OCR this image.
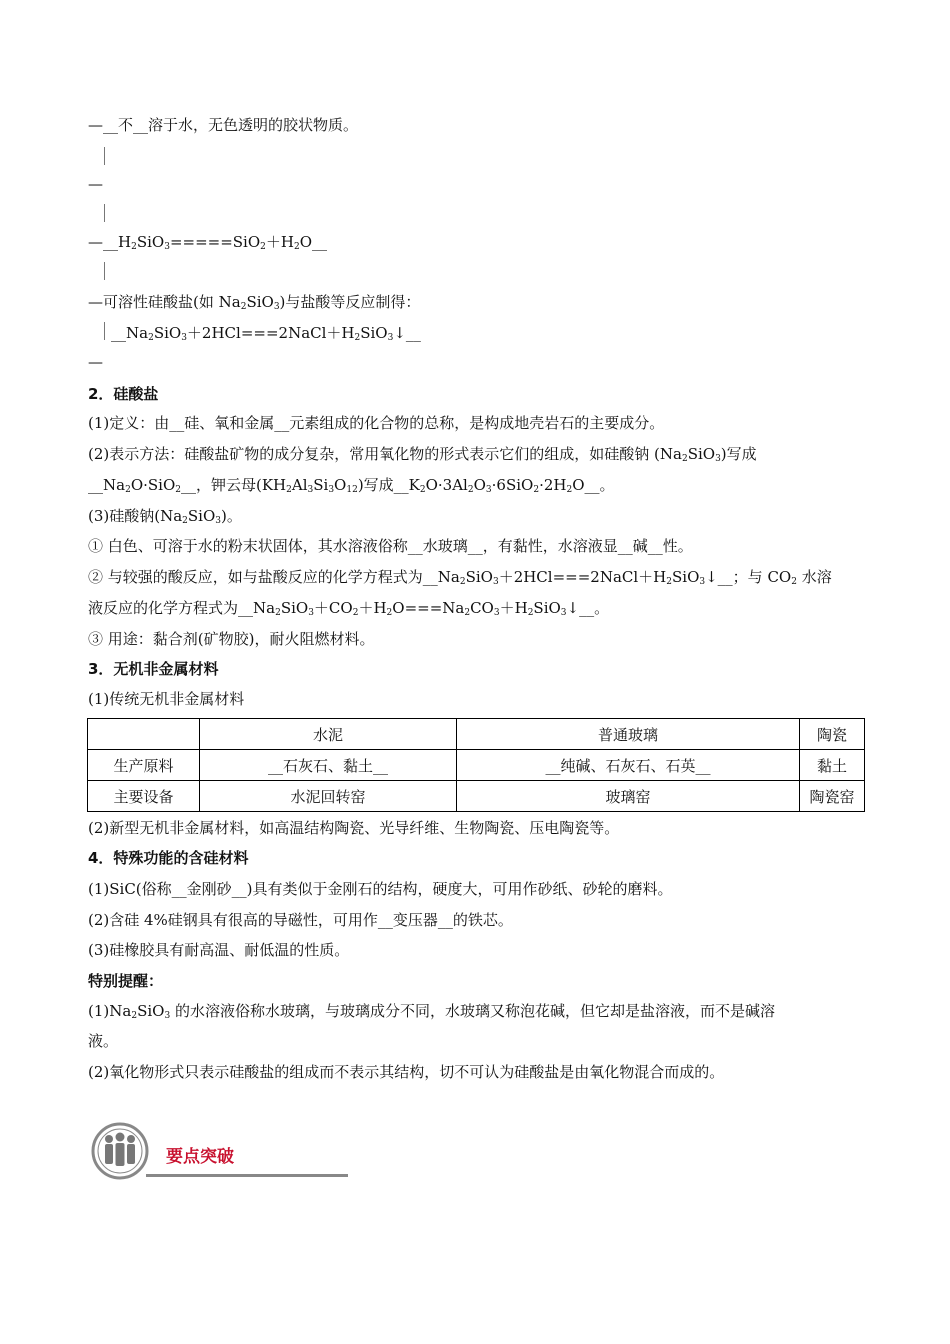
—__不__溶于水，无色透明的胶状物质。
—
$—\_\_H_2SiO_3=====SiO_2+H_2O\_\_$
—可溶性硅酸盐(如 $Na_2SiO_3$)与盐酸等反应制得：
$\_\_Na_2SiO_3+2HCl===2NaCl+H_2SiO_3↓\_\_$
—
2．硅酸盐
(1)定义：由__硅、氧和金属__元素组成的化合物的总称，是构成地壳岩石的主要成分。
(2)表示方法：硅酸盐矿物的成分复杂，常用氧化物的形式表示它们的组成，如硅酸钠 $(Na_2SiO_3)$写成
$\_\_Na_2O\cdot SiO_2\_\_$，钾云母$(KH_2Al_3Si_3O_{12})$写成$\_\_K_2O\cdot 3Al_2O_3\cdot 6SiO_2\cdot 2H_2O\_\_$。
(3)硅酸钠$(Na_2SiO_3)$。
① 白色、可溶于水的粉末状固体，其水溶液俗称__水玻璃__，有黏性，水溶液显__碱__性。
② 与较强的酸反应，如与盐酸反应的化学方程式为$\_\_Na_2SiO_3+2HCl===2NaCl+H_2SiO_3↓\_\_$；与 $CO_2$ 水溶
液反应的化学方程式为$\_\_Na_2SiO_3+CO_2+H_2O===Na_2CO_3+H_2SiO_3↓\_\_$。
③ 用途：黏合剂(矿物胶)，耐火阻燃材料。
3．无机非金属材料
(1)传统无机非金属材料
	水泥	普通玻璃	陶瓷
生产原料	__石灰石、黏土__	__纯碱、石灰石、石英__	黏土
主要设备	水泥回转窑	玻璃窑	陶瓷窑
(2)新型无机非金属材料，如高温结构陶瓷、光导纤维、生物陶瓷、压电陶瓷等。
4．特殊功能的含硅材料
(1)SiC(俗称__金刚砂__)具有类似于金刚石的结构，硬度大，可用作砂纸、砂轮的磨料。
(2)含硅 4%硅钢具有很高的导磁性，可用作__变压器__的铁芯。
(3)硅橡胶具有耐高温、耐低温的性质。
特别提醒：
$(1)Na_2SiO_3$ 的水溶液俗称水玻璃，与玻璃成分不同，水玻璃又称泡花碱，但它却是盐溶液，而不是碱溶
液。
(2)氧化物形式只表示硅酸盐的组成而不表示其结构，切不可认为硅酸盐是由氧化物混合而成的。
要点突破
